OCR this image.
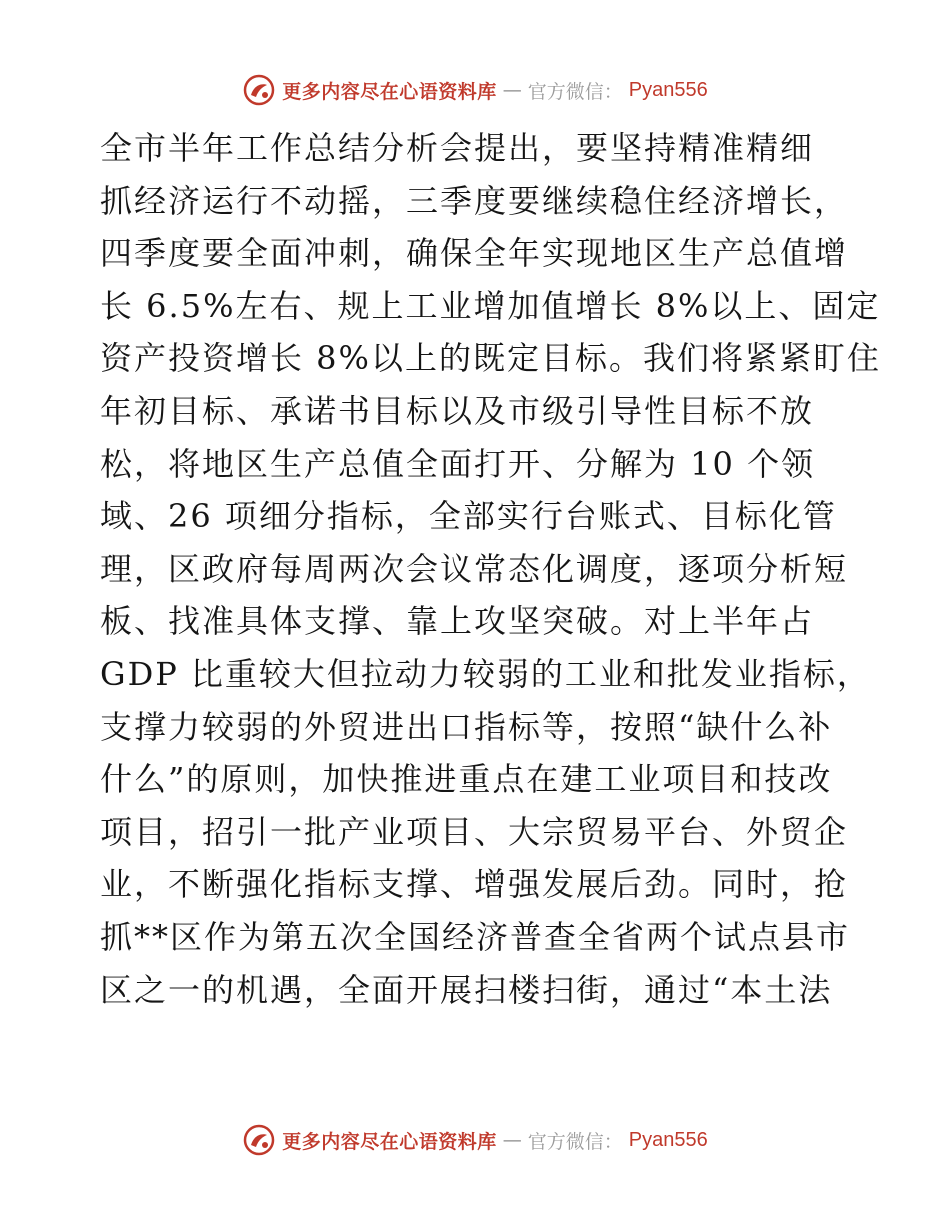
更多内容尽在心语资料库 — 官方微信： Pyan556
全市半年工作总结分析会提出，要坚持精准精细
抓经济运行不动摇，三季度要继续稳住经济增长，
四季度要全面冲刺，确保全年实现地区生产总值增
长 6.5%左右、规上工业增加值增长 8%以上、固定
资产投资增长 8%以上的既定目标。我们将紧紧盯住
年初目标、承诺书目标以及市级引导性目标不放
松，将地区生产总值全面打开、分解为 10 个领
域、26 项细分指标，全部实行台账式、目标化管
理，区政府每周两次会议常态化调度，逐项分析短
板、找准具体支撑、靠上攻坚突破。对上半年占
GDP 比重较大但拉动力较弱的工业和批发业指标，
支撑力较弱的外贸进出口指标等，按照“缺什么补
什么”的原则，加快推进重点在建工业项目和技改
项目，招引一批产业项目、大宗贸易平台、外贸企
业，不断强化指标支撑、增强发展后劲。同时，抢
抓**区作为第五次全国经济普查全省两个试点县市
区之一的机遇，全面开展扫楼扫街，通过“本土法
更多内容尽在心语资料库 — 官方微信： Pyan556
